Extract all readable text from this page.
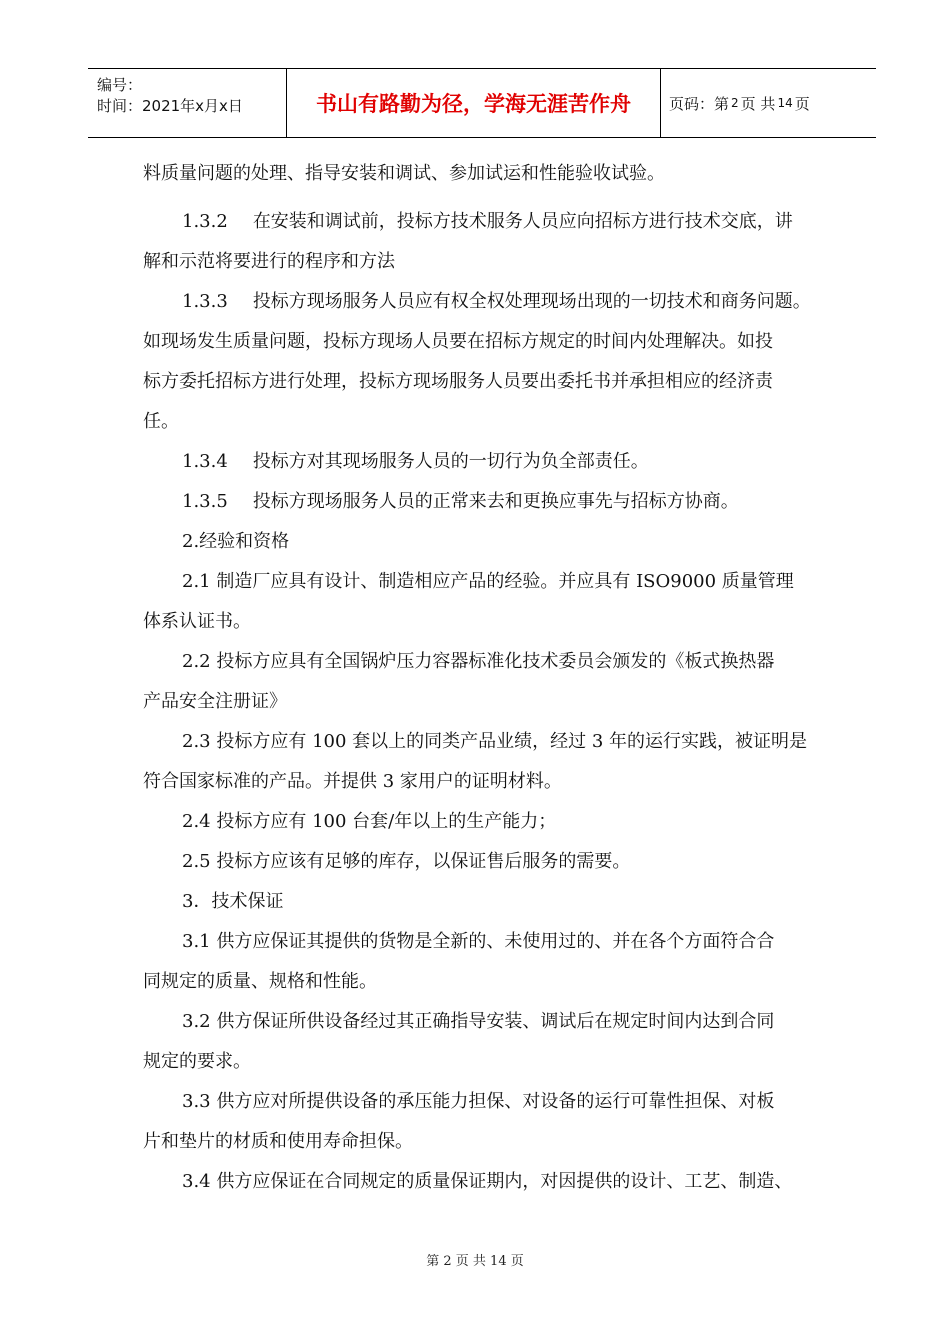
编号：
时间：2021年x月x日	书山有路勤为径，学海无涯苦作舟	页码：第 2 页 共 14 页
料质量问题的处理、指导安装和调试、参加试运和性能验收试验。
1.3.2 在安装和调试前，投标方技术服务人员应向招标方进行技术交底，讲
解和示范将要进行的程序和方法
1.3.3 投标方现场服务人员应有权全权处理现场出现的一切技术和商务问题。
如现场发生质量问题，投标方现场人员要在招标方规定的时间内处理解决。如投
标方委托招标方进行处理，投标方现场服务人员要出委托书并承担相应的经济责
任。
1.3.4 投标方对其现场服务人员的一切行为负全部责任。
1.3.5 投标方现场服务人员的正常来去和更换应事先与招标方协商。
2.经验和资格
2.1 制造厂应具有设计、制造相应产品的经验。并应具有 ISO9000 质量管理
体系认证书。
2.2 投标方应具有全国锅炉压力容器标准化技术委员会颁发的《板式换热器
产品安全注册证》
2.3 投标方应有 100 套以上的同类产品业绩，经过 3 年的运行实践，被证明是
符合国家标准的产品。并提供 3 家用户的证明材料。
2.4 投标方应有 100 台套/年以上的生产能力；
2.5 投标方应该有足够的库存，以保证售后服务的需要。
3．技术保证
3.1 供方应保证其提供的货物是全新的、未使用过的、并在各个方面符合合
同规定的质量、规格和性能。
3.2 供方保证所供设备经过其正确指导安装、调试后在规定时间内达到合同
规定的要求。
3.3 供方应对所提供设备的承压能力担保、对设备的运行可靠性担保、对板
片和垫片的材质和使用寿命担保。
3.4 供方应保证在合同规定的质量保证期内，对因提供的设计、工艺、制造、
第 2 页 共 14 页
